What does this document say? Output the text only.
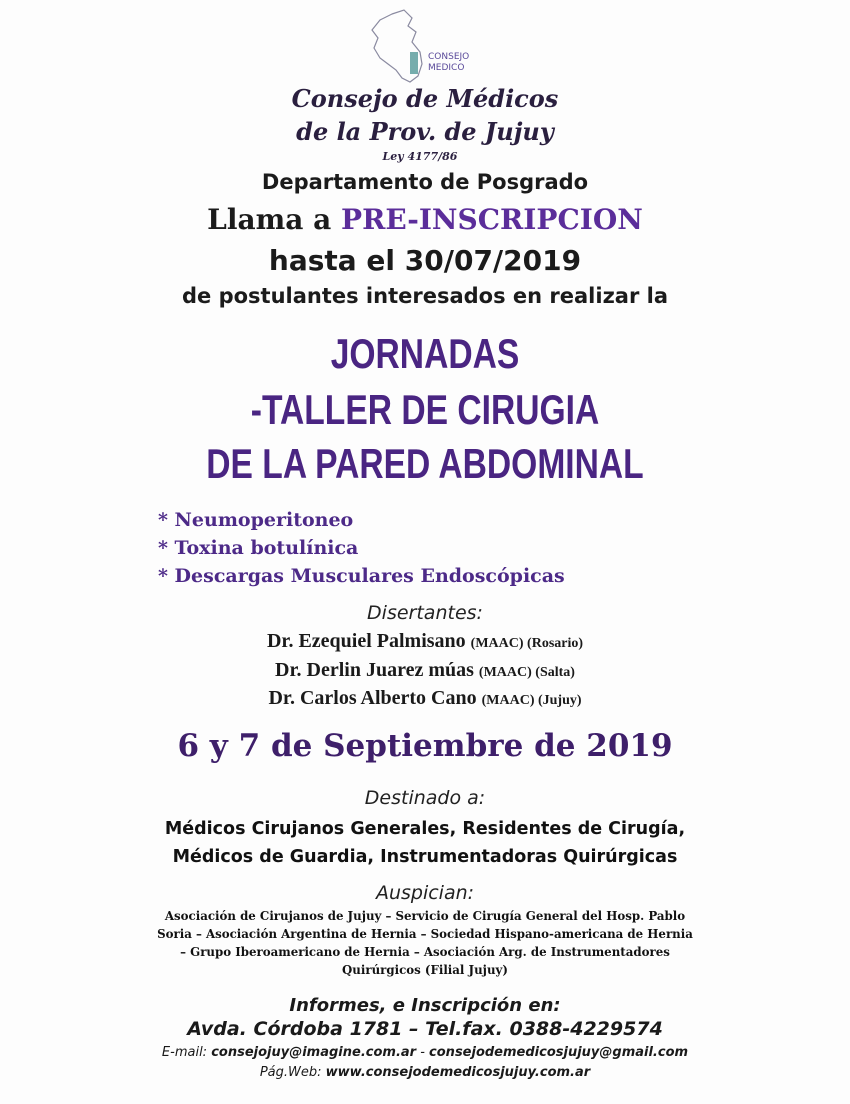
CONSEJO
MEDICO
Consejo de Médicos
de la Prov. de Jujuy
Ley 4177/86
Departamento de Posgrado
Llama a PRE-INSCRIPCION
hasta el 30/07/2019
de postulantes interesados en realizar la
JORNADAS
-TALLER DE CIRUGIA
DE LA PARED ABDOMINAL
* Neumoperitoneo
* Toxina botulínica
* Descargas Musculares Endoscópicas
Disertantes:
Dr. Ezequiel Palmisano (MAAC) (Rosario)
Dr. Derlin Juarez múas (MAAC) (Salta)
Dr. Carlos Alberto Cano (MAAC) (Jujuy)
6 y 7 de Septiembre de 2019
Destinado a:
Médicos Cirujanos Generales, Residentes de Cirugía,
Médicos de Guardia, Instrumentadoras Quirúrgicas
Auspician:
Asociación de Cirujanos de Jujuy – Servicio de Cirugía General del Hosp. Pablo
Soria – Asociación Argentina de Hernia – Sociedad Hispano-americana de Hernia
– Grupo Iberoamericano de Hernia – Asociación Arg. de Instrumentadores
Quirúrgicos (Filial Jujuy)
Informes, e Inscripción en:
Avda. Córdoba 1781 – Tel.fax. 0388-4229574
E-mail: consejojuy@imagine.com.ar - consejodemedicosjujuy@gmail.com
Pág.Web: www.consejodemedicosjujuy.com.ar
